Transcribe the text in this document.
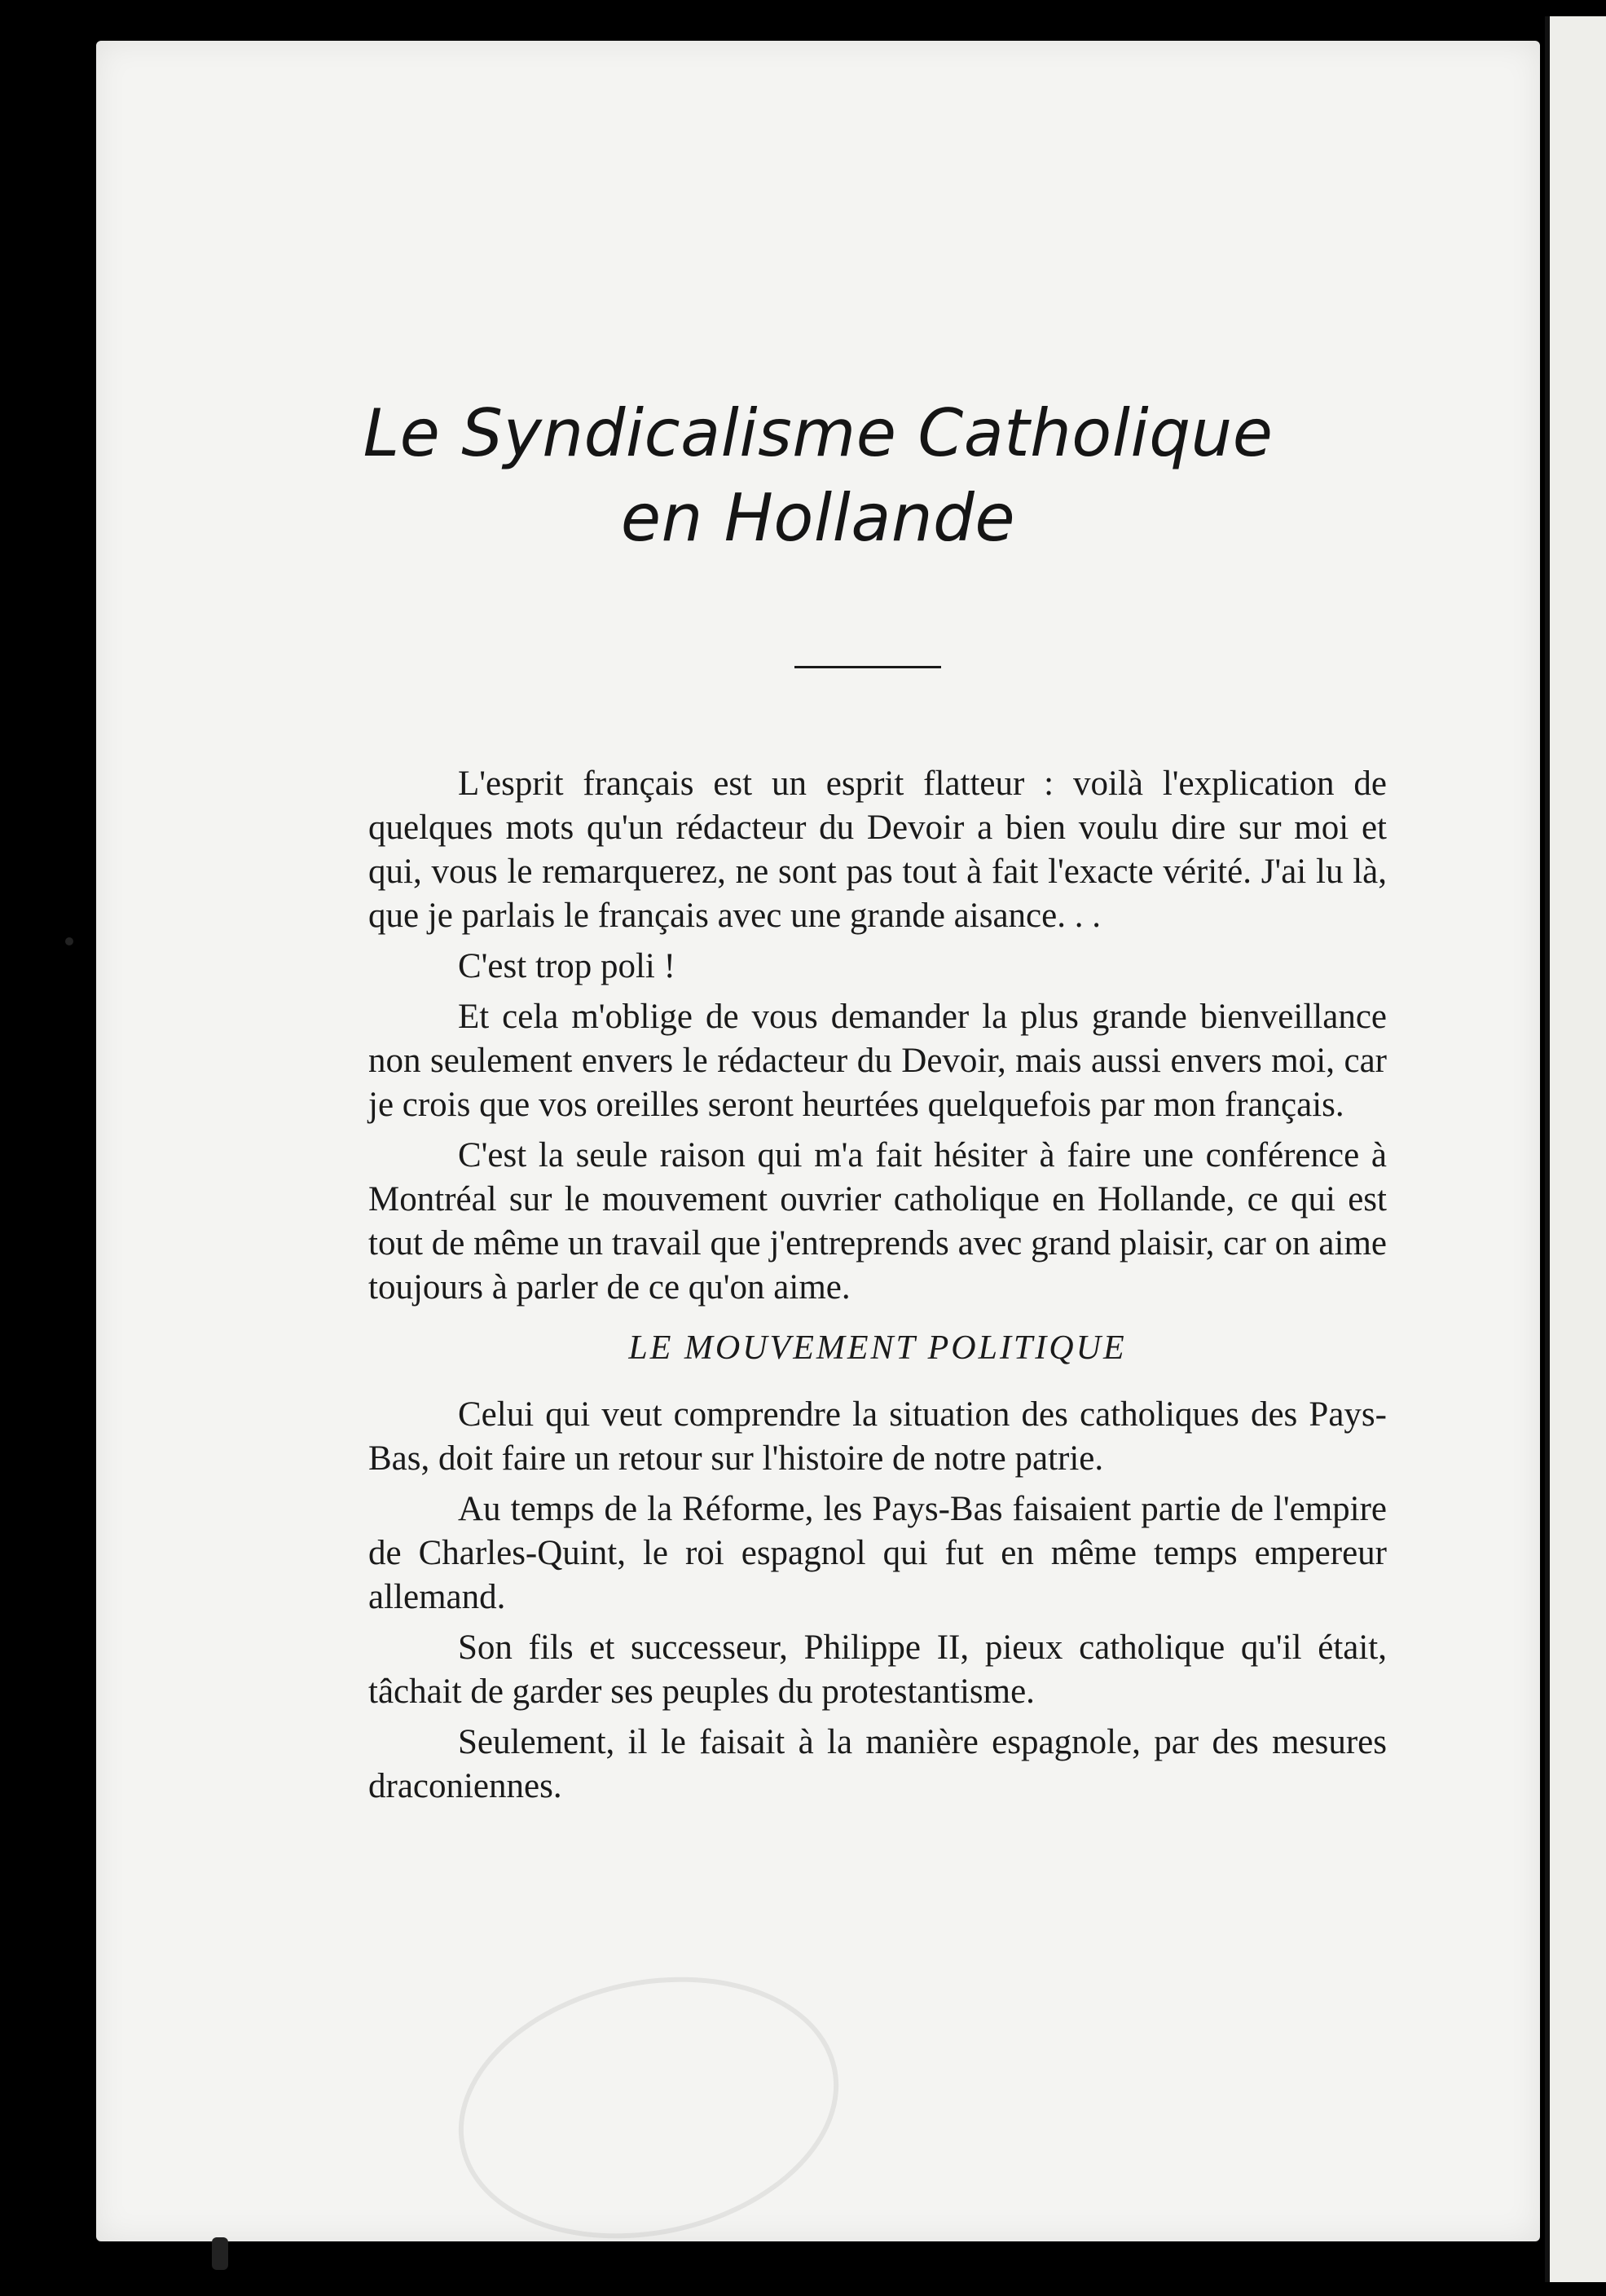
Le Syndicalisme Catholique
en Hollande

L'esprit français est un esprit flatteur : voilà l'explication de quelques mots qu'un rédacteur du Devoir a bien voulu dire sur moi et qui, vous le remarquerez, ne sont pas tout à fait l'exacte vérité. J'ai lu là, que je parlais le français avec une grande aisance. . .

C'est trop poli !

Et cela m'oblige de vous demander la plus grande bienveillance non seulement envers le rédacteur du Devoir, mais aussi envers moi, car je crois que vos oreilles seront heurtées quelquefois par mon français.

C'est la seule raison qui m'a fait hésiter à faire une conférence à Montréal sur le mouvement ouvrier catholique en Hollande, ce qui est tout de même un travail que j'entreprends avec grand plaisir, car on aime toujours à parler de ce qu'on aime.

LE MOUVEMENT POLITIQUE

Celui qui veut comprendre la situation des catholiques des Pays-Bas, doit faire un retour sur l'histoire de notre patrie.

Au temps de la Réforme, les Pays-Bas faisaient partie de l'empire de Charles-Quint, le roi espagnol qui fut en même temps empereur allemand.

Son fils et successeur, Philippe II, pieux catholique qu'il était, tâchait de garder ses peuples du protestantisme.

Seulement, il le faisait à la manière espagnole, par des mesures draconiennes.
